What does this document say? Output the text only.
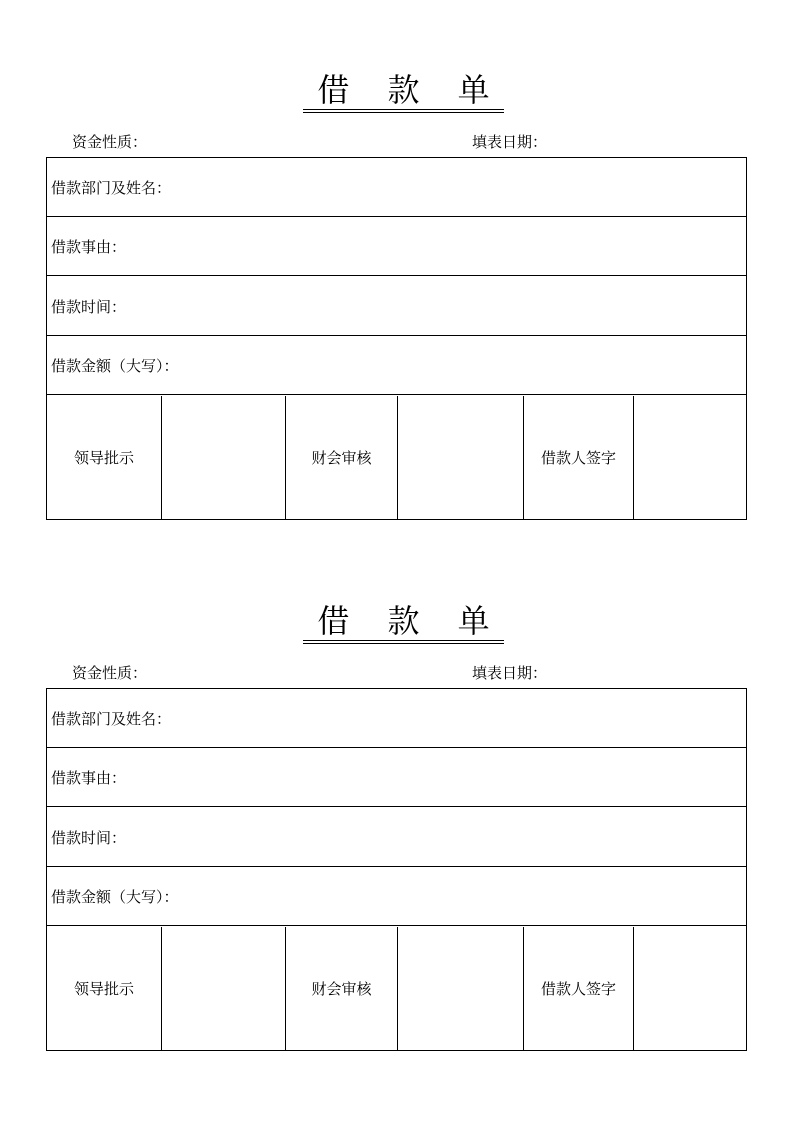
借 款 单
资金性质：	填表日期：
借款部门及姓名：
借款事由：
借款时间：
借款金额（大写）：
领导批示	财会审核	借款人签字
借 款 单
资金性质：	填表日期：
借款部门及姓名：
借款事由：
借款时间：
借款金额（大写）：
领导批示	财会审核	借款人签字
